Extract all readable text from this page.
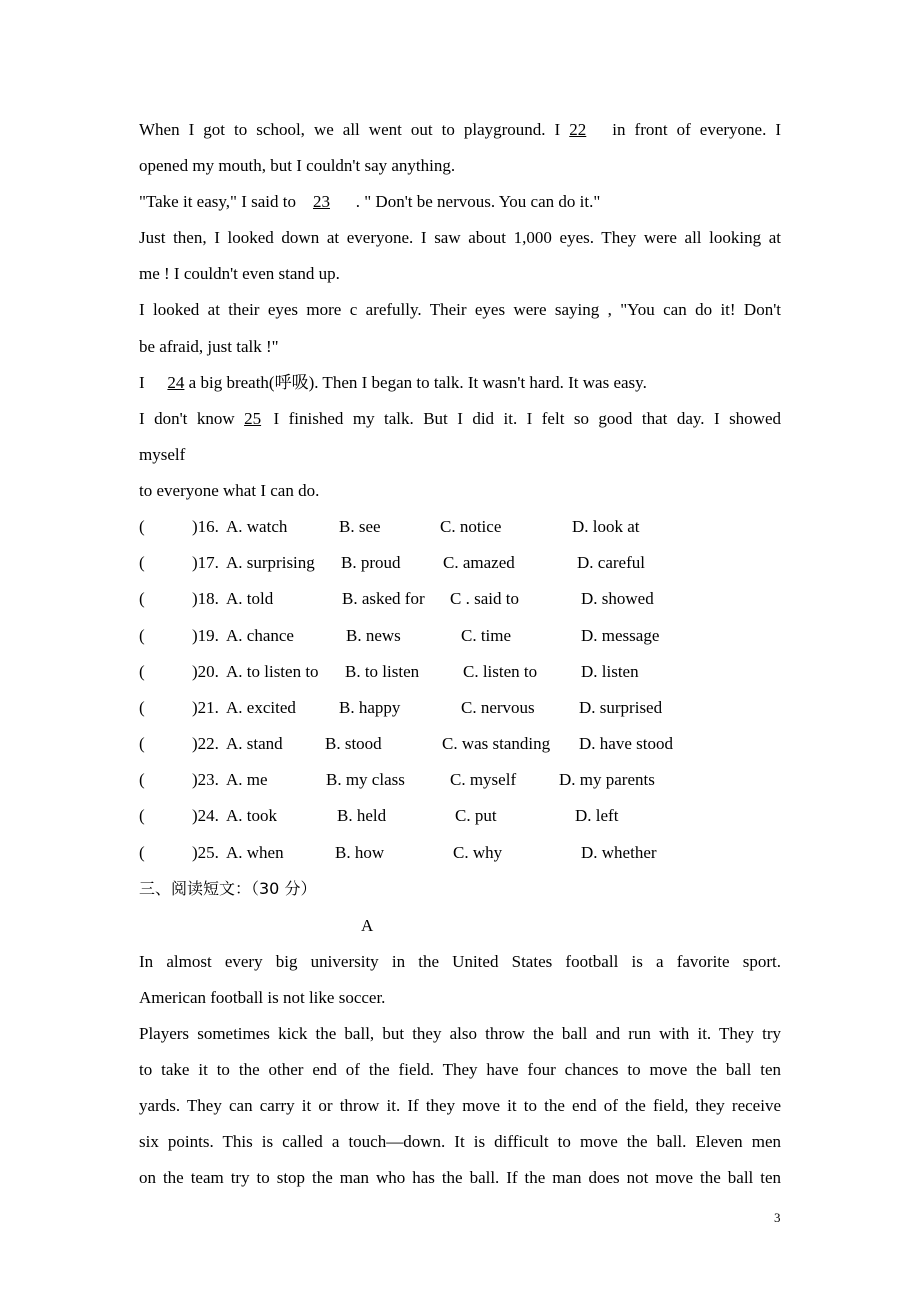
When I got to school, we all went out to playground. I 22 in front of everyone. I
opened my mouth, but I couldn't say anything.
"Take it easy," I said to 23 . " Don't be nervous. You can do it."
Just then, I looked down at everyone. I saw about 1,000 eyes. They were all looking at
me ! I couldn't even stand up.
I looked at their eyes more c arefully. Their eyes were saying , "You can do it! Don't
be afraid, just talk !"
I 24 a big breath(呼吸). Then I began to talk. It wasn't hard. It was easy.
I don't know 25 I finished my talk. But I did it. I felt so good that day. I showed
myself
to everyone what I can do.
(	)16. A. watch	B. see	C. notice	D. look at
(	)17. A. surprising B. proud	C. amazed	D. careful
(	)18. A. told	B. asked for C . said to	D. showed
(	)19. A. chance	B. news	C. time	D. message
(	)20. A. to listen to B. to listen	C. listen to	D. listen
(	)21. A. excited	B. happy	C. nervous	D. surprised
(	)22. A. stand B. stood	C. was standing D. have stood
(	)23. A. me	B. my class	C. myself	D. my parents
(	)24. A. took	B. held	C. put	D. left
(	)25. A. when	B. how	C. why	D. whether
三、阅读短文：（30 分）
A
In almost every big university in the United States football is a favorite sport.
American football is not like soccer.
Players sometimes kick the ball, but they also throw the ball and run with it. They try
to take it to the other end of the field. They have four chances to move the ball ten
yards. They can carry it or throw it. If they move it to the end of the field, they receive
six points. This is called a touch—down. It is difficult to move the ball. Eleven men
on the team try to stop the man who has the ball. If the man does not move the ball ten
3
